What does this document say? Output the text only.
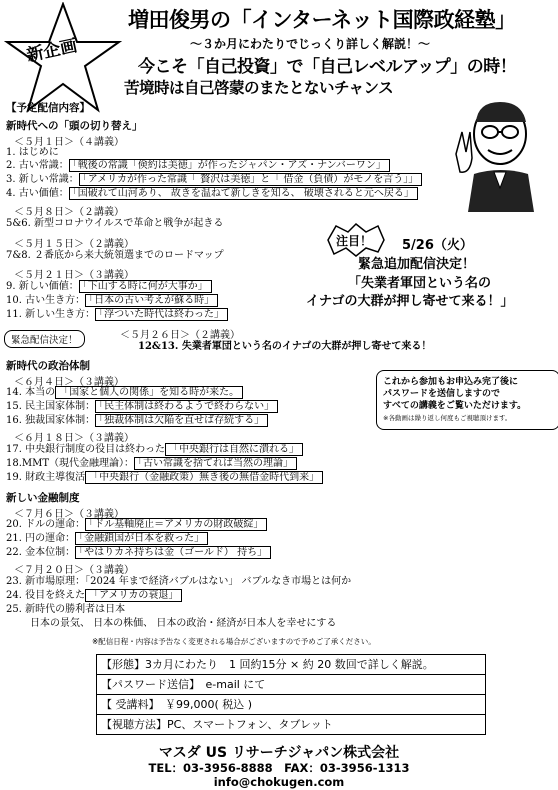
新企画
増田俊男の「インターネット国際政経塾」
～３か月にわたりでじっくり詳しく解説！～
今こそ「自己投資」で「自己レベルアップ」の時！
苦境時は自己啓蒙のまたとないチャンス
【予定配信内容】
新時代への「頭の切り替え」
＜５月１日＞（４講義）
1. はじめに
2. 古い常識： 「戦後の常識「倹約は美徳」が作ったジャパン・アズ・ナンバーワン」
3. 新しい常識： 「アメリカが作った常識「 贅沢は美徳」と「 借金（負債）がモノを言う」」
4. 古い価値： 「国破れて山河あり、 故きを温ねて新しきを知る、 破壊されると元へ戻る」
＜５月８日＞（２講義）
5&6. 新型コロナウイルスで革命と戦争が起きる
＜５月１５日＞（２講義）
7&8. ２番底から来大統領選までのロードマップ
＜５月２１日＞（３講義）
9. 新しい価値： 「下山する時に何が大事か」
10. 古い生き方： 「日本の古い考えが蘇る時」
11. 新しい生き方： 「浮ついた時代は終わった」
緊急配信決定！	＜５月２６日＞（２講義）
12&13. 失業者軍団という名のイナゴの大群が押し寄せて来る！
注目！ 5/26（火）
緊急追加配信決定！
「失業者軍団という名の
イナゴの大群が押し寄せて来る！」
新時代の政治体制
＜６月４日＞（３講義）
14. 本当の 「国家と個人の関係」を知る時が来た。
15. 民主国家体制： 「民主体制は終わるようで終わらない」
16. 独裁国家体制： 「独裁体制は欠陥を直せば存続する」
＜６月１８日＞（３講義）
17. 中央銀行制度の役目は終わった 「中央銀行は自然に潰れる」
18.MMT（現代金融理論）： 「古い常識を捨てれば当然の理論」
19. 財政主導復活 「中央銀行（金融政策）無き後の無借金時代到来」
これから参加もお申込み完了後に
パスワードを送信しますので
すべての講義をご覧いただけます。
※各動画は繰り返し何度もご視聴頂けます。
新しい金融制度
＜７月６日＞（３講義）
20. ドルの運命： 「ドル基軸廃止＝アメリカの財政破綻」
21. 円の運命： 「金融鎖国が日本を救った」
22. 金本位制： 「やはりカネ持ちは金（ゴールド） 持ち」
＜７月２０日＞（３講義）
23. 新市場原理：「2024 年まで経済バブルはない」 バブルなき市場とは何か
24. 役目を終えた 「アメリカの衰退」
25. 新時代の勝利者は日本
日本の景気、 日本の株価、 日本の政治・経済が日本人を幸せにする
※配信日程・内容は予告なく変更される場合がございますので予めご了承ください。
【形態】3カ月にわたり　1 回約15分 × 約 20 数回で詳しく解説。
【パスワード送信】　e-mail にて
【 受講料】　￥99,000( 税込 )
【視聴方法】PC、スマートフォン、タブレット
マスダ US リサーチジャパン株式会社
TEL：03-3956-8888　FAX：03-3956-1313
info@chokugen.com
